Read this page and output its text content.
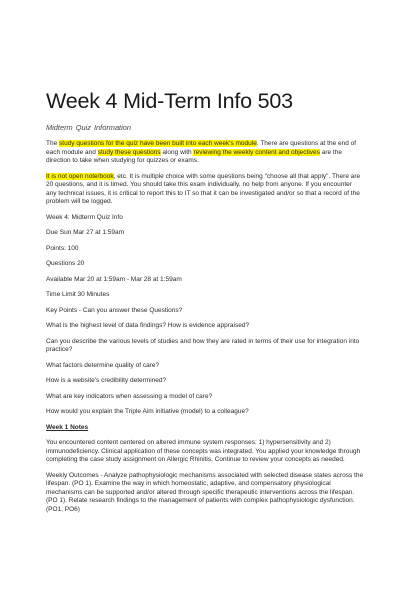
Week 4 Mid-Term Info 503
Midterm Quiz Information

The study questions for the quiz have been built into each week's module. There are questions at the end of each module and study these questions along with reviewing the weekly content and objectives are the direction to take when studying for quizzes or exams.

It is not open note/book, etc. It is multiple choice with some questions being "choose all that apply". There are 20 questions, and it is timed. You should take this exam individually, no help from anyone. If you encounter any technical issues, it is critical to report this to IT so that it can be investigated and/or so that a record of the problem will be logged.

Week 4: Midterm Quiz Info

Due Sun Mar 27 at 1:59am

Points: 100

Questions 20

Available Mar 20 at 1:59am - Mar 28 at 1:59am

Time Limit 30 Minutes

Key Points - Can you answer these Questions?

What is the highest level of data findings? How is evidence appraised?

Can you describe the various levels of studies and how they are rated in terms of their use for integration into practice?

What factors determine quality of care?

How is a website's credibility determined?

What are key indicators when assessing a model of care?

How would you explain the Triple Aim initiative (model) to a colleague?

Week 1 Notes

You encountered content centered on altered immune system responses: 1) hypersensitivity and 2) immunodeficiency. Clinical application of these concepts was integrated. You applied your knowledge through completing the case study assignment on Allergic Rhinitis. Continue to review your concepts as needed.

Weekly Outcomes - Analyze pathophysiologic mechanisms associated with selected disease states across the lifespan. (PO 1). Examine the way in which homeostatic, adaptive, and compensatory physiological mechanisms can be supported and/or altered through specific therapeutic interventions across the lifespan. (PO 1). Relate research findings to the management of patients with complex pathophysiologic dysfunction. (PO1, PO6)
